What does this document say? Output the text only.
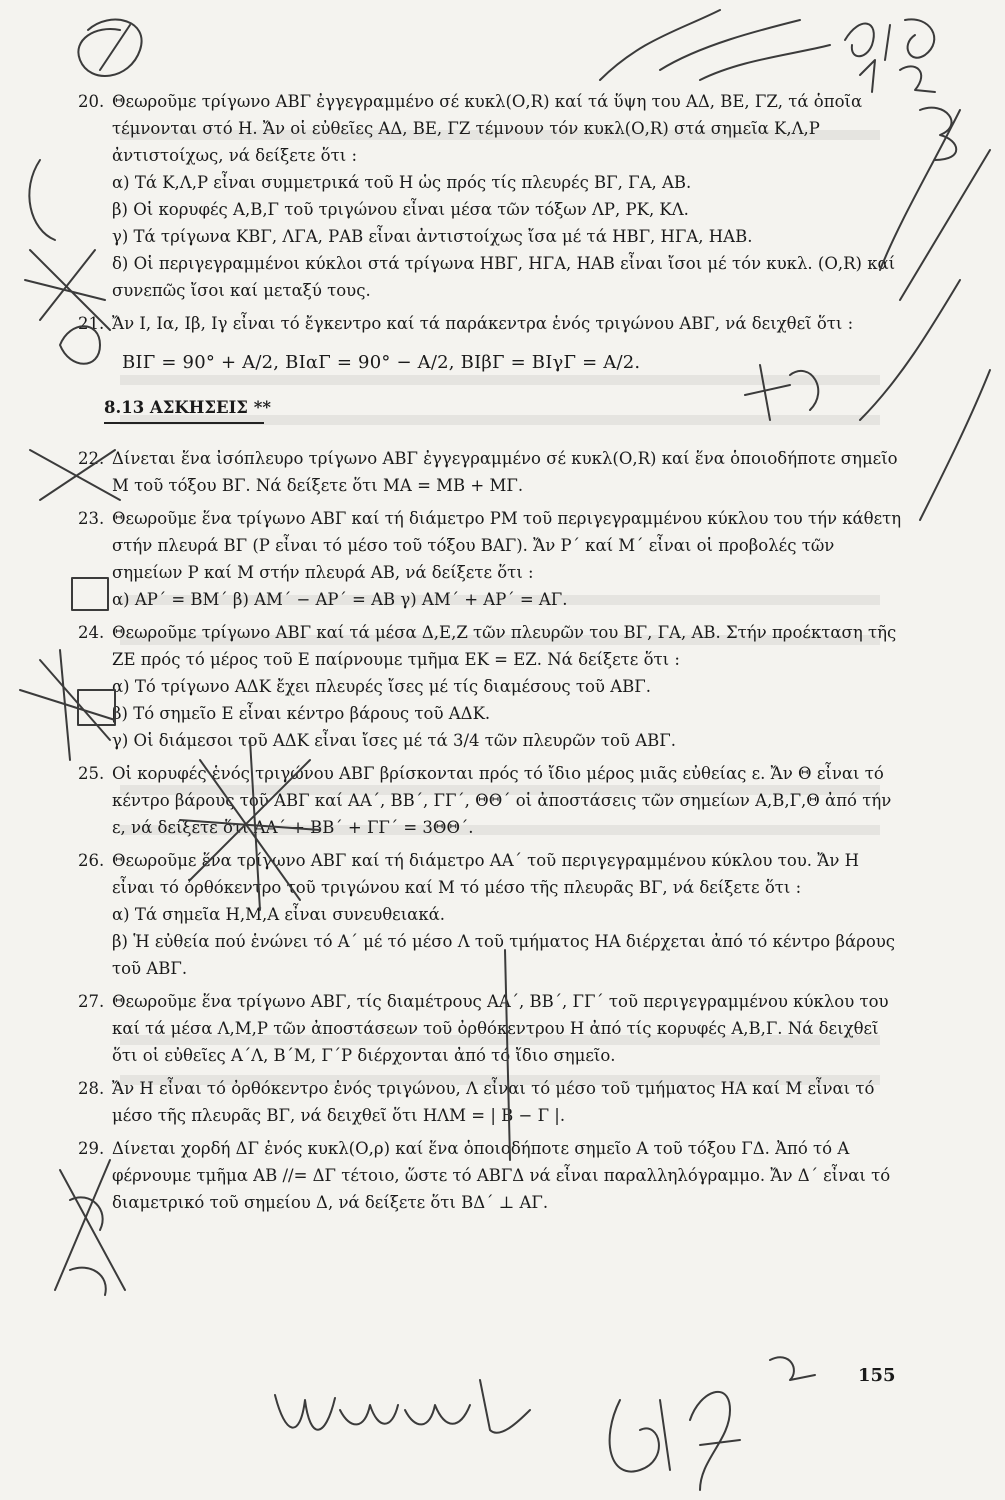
20. Θεωροῦμε τρίγωνο ΑΒΓ ἐγγεγραμμένο σέ κυκλ(Ο,R) καί τά ὕψη του ΑΔ, ΒΕ, ΓΖ, τά ὁποῖα τέμνονται στό Η. Ἄν οἱ εὐθεῖες ΑΔ, ΒΕ, ΓΖ τέμνουν τόν κυκλ(Ο,R) στά σημεῖα Κ,Λ,Ρ ἀντιστοίχως, νά δείξετε ὅτι :
α) Τά Κ,Λ,Ρ εἶναι συμμετρικά τοῦ Η ὡς πρός τίς πλευρές ΒΓ, ΓΑ, ΑΒ.
β) Οἱ κορυφές Α,Β,Γ τοῦ τριγώνου εἶναι μέσα τῶν τόξων ΛΡ, ΡΚ, ΚΛ.
γ) Τά τρίγωνα ΚΒΓ, ΛΓΑ, ΡΑΒ εἶναι ἀντιστοίχως ἴσα μέ τά ΗΒΓ, ΗΓΑ, ΗΑΒ.
δ) Οἱ περιγεγραμμένοι κύκλοι στά τρίγωνα ΗΒΓ, ΗΓΑ, ΗΑΒ εἶναι ἴσοι μέ τόν κυκλ. (Ο,R) καί συνεπῶς ἴσοι καί μεταξύ τους.
21. Ἄν Ι, Ια, Ιβ, Ιγ εἶναι τό ἔγκεντρο καί τά παράκεντρα ἑνός τριγώνου ΑΒΓ, νά δειχθεῖ ὅτι :
ΒΙΓ = 90° + Α/2, ΒΙαΓ = 90° − Α/2, ΒΙβΓ = ΒΙγΓ = Α/2.
8.13 ΑΣΚΗΣΕΙΣ **
22. Δίνεται ἕνα ἰσόπλευρο τρίγωνο ΑΒΓ ἐγγεγραμμένο σέ κυκλ(Ο,R) καί ἕνα ὁποιοδήποτε σημεῖο Μ τοῦ τόξου ΒΓ. Νά δείξετε ὅτι ΜΑ = ΜΒ + ΜΓ.
23. Θεωροῦμε ἕνα τρίγωνο ΑΒΓ καί τή διάμετρο ΡΜ τοῦ περιγεγραμμένου κύκλου του τήν κάθετη στήν πλευρά ΒΓ (Ρ εἶναι τό μέσο τοῦ τόξου ΒΑΓ). Ἄν Ρ΄ καί Μ΄ εἶναι οἱ προβολές τῶν σημείων Ρ καί Μ στήν πλευρά ΑΒ, νά δείξετε ὅτι :
α) ΑΡ΄ = ΒΜ΄ β) ΑΜ΄ − ΑΡ΄ = ΑΒ γ) ΑΜ΄ + ΑΡ΄ = ΑΓ.
24. Θεωροῦμε τρίγωνο ΑΒΓ καί τά μέσα Δ,Ε,Ζ τῶν πλευρῶν του ΒΓ, ΓΑ, ΑΒ. Στήν προέκταση τῆς ΖΕ πρός τό μέρος τοῦ Ε παίρνουμε τμῆμα ΕΚ = ΕΖ. Νά δείξετε ὅτι :
α) Τό τρίγωνο ΑΔΚ ἔχει πλευρές ἴσες μέ τίς διαμέσους τοῦ ΑΒΓ.
β) Τό σημεῖο Ε εἶναι κέντρο βάρους τοῦ ΑΔΚ.
γ) Οἱ διάμεσοι τοῦ ΑΔΚ εἶναι ἴσες μέ τά 3/4 τῶν πλευρῶν τοῦ ΑΒΓ.
25. Οἱ κορυφές ἑνός τριγώνου ΑΒΓ βρίσκονται πρός τό ἴδιο μέρος μιᾶς εὐθείας ε. Ἄν Θ εἶναι τό κέντρο βάρους τοῦ ΑΒΓ καί ΑΑ΄, ΒΒ΄, ΓΓ΄, ΘΘ΄ οἱ ἀποστάσεις τῶν σημείων Α,Β,Γ,Θ ἀπό τήν ε, νά δείξετε ὅτι ΑΑ΄ + ΒΒ΄ + ΓΓ΄ = 3ΘΘ΄.
26. Θεωροῦμε ἕνα τρίγωνο ΑΒΓ καί τή διάμετρο ΑΑ΄ τοῦ περιγεγραμμένου κύκλου του. Ἄν Η εἶναι τό ὀρθόκεντρο τοῦ τριγώνου καί Μ τό μέσο τῆς πλευρᾶς ΒΓ, νά δείξετε ὅτι :
α) Τά σημεῖα Η,Μ,Α εἶναι συνευθειακά.
β) Ἡ εὐθεία πού ἑνώνει τό Α΄ μέ τό μέσο Λ τοῦ τμήματος ΗΑ διέρχεται ἀπό τό κέντρο βάρους τοῦ ΑΒΓ.
27. Θεωροῦμε ἕνα τρίγωνο ΑΒΓ, τίς διαμέτρους ΑΑ΄, ΒΒ΄, ΓΓ΄ τοῦ περιγεγραμμένου κύκλου του καί τά μέσα Λ,Μ,Ρ τῶν ἀποστάσεων τοῦ ὀρθόκεντρου Η ἀπό τίς κορυφές Α,Β,Γ. Νά δειχθεῖ ὅτι οἱ εὐθεῖες Α΄Λ, Β΄Μ, Γ΄Ρ διέρχονται ἀπό τό ἴδιο σημεῖο.
28. Ἄν Η εἶναι τό ὀρθόκεντρο ἑνός τριγώνου, Λ εἶναι τό μέσο τοῦ τμήματος ΗΑ καί Μ εἶναι τό μέσο τῆς πλευρᾶς ΒΓ, νά δειχθεῖ ὅτι ΗΛΜ = | Β − Γ |.
29. Δίνεται χορδή ΔΓ ἑνός κυκλ(Ο,ρ) καί ἕνα ὁποιοδήποτε σημεῖο Α τοῦ τόξου ΓΔ. Ἀπό τό Α φέρνουμε τμῆμα ΑΒ //= ΔΓ τέτοιο, ὥστε τό ΑΒΓΔ νά εἶναι παραλληλόγραμμο. Ἄν Δ΄ εἶναι τό διαμετρικό τοῦ σημείου Δ, νά δείξετε ὅτι ΒΔ΄ ⊥ ΑΓ.
155
